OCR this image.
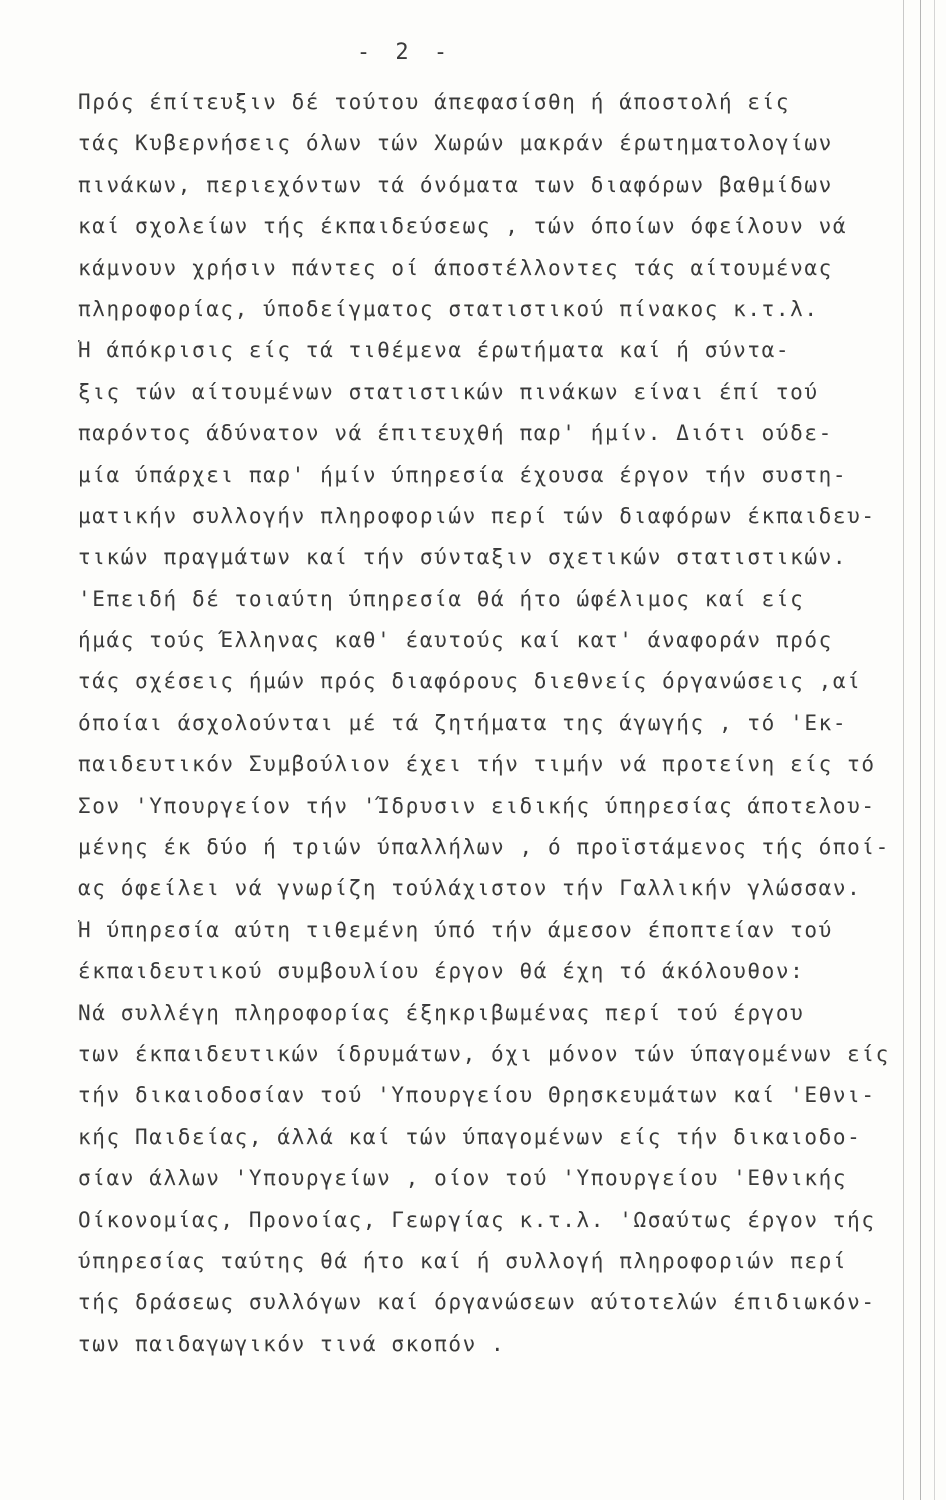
- 2 -
Πρός έπίτευξιν δέ τούτου άπεφασίσθη ή άποστολή είς
τάς Κυβερνήσεις όλων τών Χωρών μακράν έρωτηματολογίων
πινάκων, περιεχόντων τά όνόματα των διαφόρων βαθμίδων
καί σχολείων τής έκπαιδεύσεως , τών όποίων όφείλουν νά
κάμνουν χρήσιν πάντες οί άποστέλλοντες τάς αίτουμένας
πληροφορίας, ύποδείγματος στατιστικού πίνακος κ.τ.λ.
Ή άπόκρισις είς τά τιθέμενα έρωτήματα καί ή σύντα-
ξις τών αίτουμένων στατιστικών πινάκων είναι έπί τού
παρόντος άδύνατον νά έπιτευχθή παρ' ήμίν. Διότι ούδε-
μία ύπάρχει παρ' ήμίν ύπηρεσία έχουσα έργον τήν συστη-
ματικήν συλλογήν πληροφοριών περί τών διαφόρων έκπαιδευ-
τικών πραγμάτων καί τήν σύνταξιν σχετικών στατιστικών.
'Επειδή δέ τοιαύτη ύπηρεσία θά ήτο ώφέλιμος καί είς
ήμάς τούς Έλληνας καθ' έαυτούς καί κατ' άναφοράν πρός
τάς σχέσεις ήμών πρός διαφόρους διεθνείς όργανώσεις ,αί
όποίαι άσχολούνται μέ τά ζητήματα της άγωγής , τό 'Εκ-
παιδευτικόν Συμβούλιον έχει τήν τιμήν νά προτείνη είς τό
Σον 'Υπουργείον τήν 'Ίδρυσιν ειδικής ύπηρεσίας άποτελου-
μένης έκ δύο ή τριών ύπαλλήλων , ό προϊστάμενος τής όποί-
ας όφείλει νά γνωρίζη τούλάχιστον τήν Γαλλικήν γλώσσαν.
Ή ύπηρεσία αύτη τιθεμένη ύπό τήν άμεσον έποπτείαν τού
έκπαιδευτικού συμβουλίου έργον θά έχη τό άκόλουθον:
Νά συλλέγη πληροφορίας έξηκριβωμένας περί τού έργου
των έκπαιδευτικών ίδρυμάτων, όχι μόνον τών ύπαγομένων είς
τήν δικαιοδοσίαν τού 'Υπουργείου Θρησκευμάτων καί 'Εθνι-
κής Παιδείας, άλλά καί τών ύπαγομένων είς τήν δικαιοδο-
σίαν άλλων 'Υπουργείων , οίον τού 'Υπουργείου 'Εθνικής
Οίκονομίας, Προνοίας, Γεωργίας κ.τ.λ. 'Ωσαύτως έργον τής
ύπηρεσίας ταύτης θά ήτο καί ή συλλογή πληροφοριών περί
τής δράσεως συλλόγων καί όργανώσεων αύτοτελών έπιδιωκόν-
των παιδαγωγικόν τινά σκοπόν .
